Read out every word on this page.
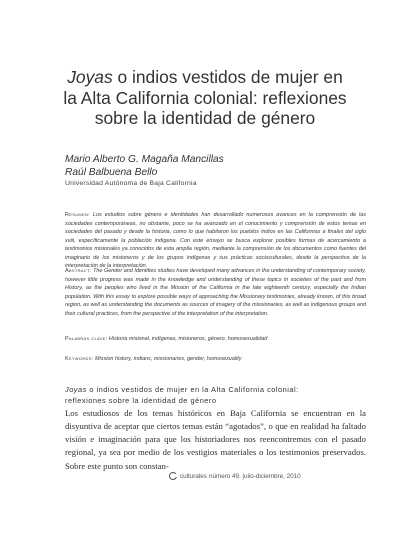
Joyas o indios vestidos de mujer en
la Alta California colonial: reflexiones
sobre la identidad de género
Mario Alberto G. Magaña Mancillas
Raúl Balbuena Bello
Universidad Autónoma de Baja California

Resumen: Los estudios sobre género e identidades han desarrollado numerosos avances en la comprensión de las sociedades contemporáneas, no obstante, poco se ha avanzado en el conocimiento y comprensión de estos temas en sociedades del pasado y desde la historia, como lo que habitaron los pueblos indios en las Californias a finales del siglo xviii, específicamente la población indígena. Con este ensayo se busca explorar posibles formas de acercamiento a testimonios misionales ya conocidos de esta amplia región, mediante la comprensión de los documentos como fuentes del imaginario de los misioneros y de los grupos indígenas y sus prácticas socioculturales, desde la perspectiva de la interpretación de la interpretación.

Abstract: The Gender and Identities studies have developed many advances in the understanding of contemporary society, however little progress was made in the knowledge and understanding of these topics in societies of the past and from History, as the peoples who lived in the Mission of the California in the late eighteenth century, especially the Indian population. With this essay to explore possible ways of approaching the Missionary testimonies, already known, of this broad region, as well as understanding the documents as sources of imagery of the missionaries, as well as indigenous groups and their cultural practices, from the perspective of the interpretation of the interpretation.

Palabras clave: Historia misional, indígenas, misioneros, género, homosexualidad

Keywords: Mission history, indians, missionaries, gender, homosexuality

Joyas o indios vestidos de mujer en la Alta California colonial:
reflexiones sobre la identidad de género

Los estudiosos de los temas históricos en Baja California se encuentran en la disyuntiva de aceptar que ciertos temas están “agotados”, o que en realidad ha faltado visión e imaginación para que los historiadores nos reencontremos con el pasado regional, ya sea por medio de los vestigios materiales o los testimonios preservados. Sobre este punto son constan-

culturales número 49, julio-diciembre, 2010
